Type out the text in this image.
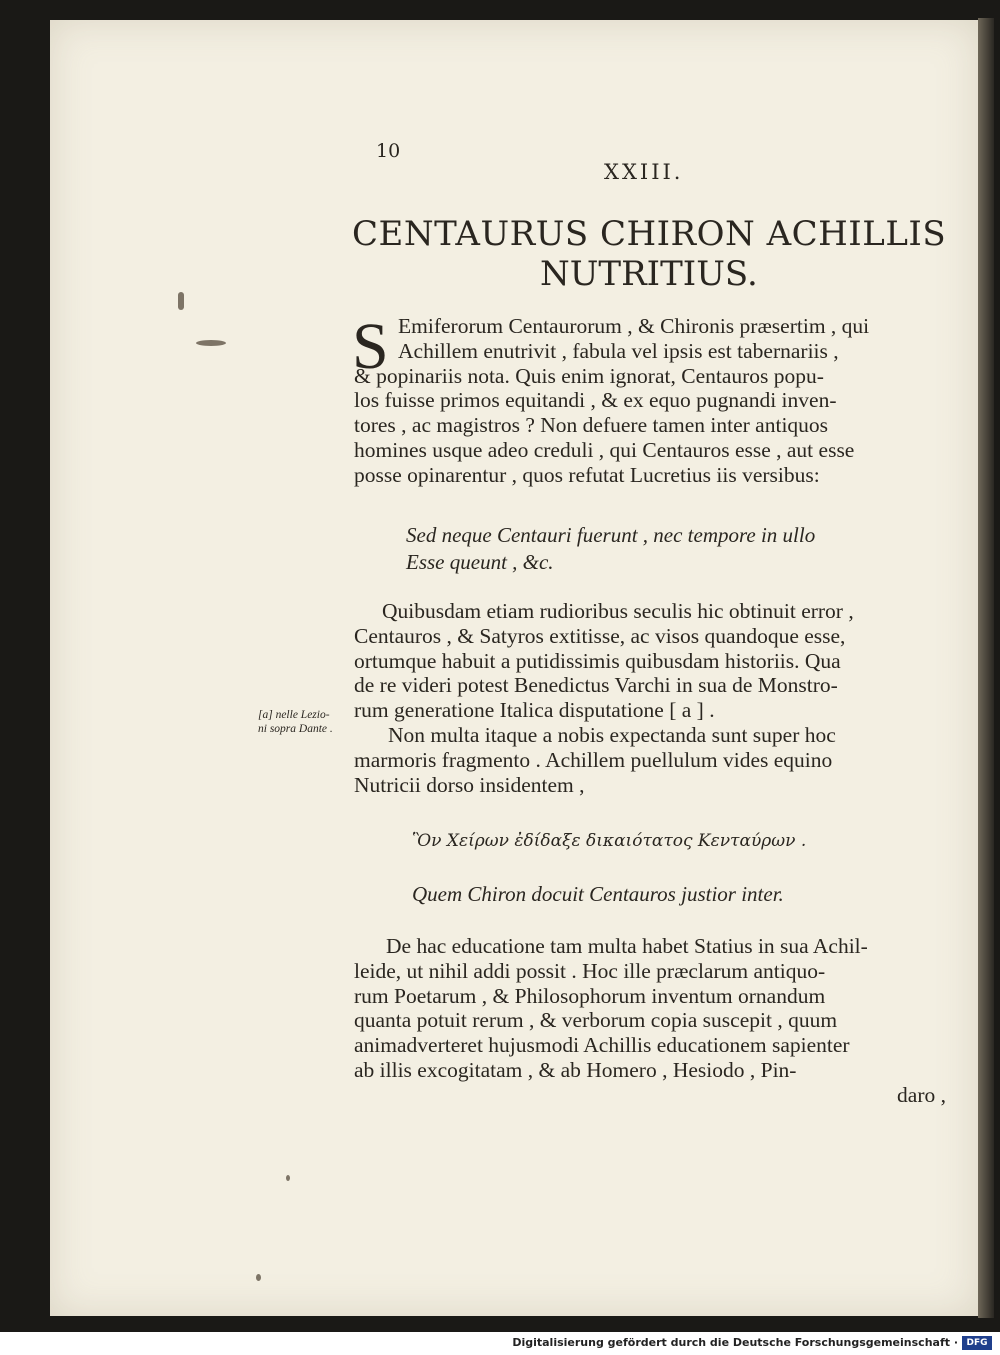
10
XXIII.
CENTAURUS CHIRON ACHILLIS
NUTRITIUS.
S Emiferorum Centaurorum , & Chironis præsertim , qui
Achillem enutrivit , fabula vel ipsis est tabernariis ,
& popinariis nota. Quis enim ignorat, Centauros popu-
los fuisse primos equitandi , & ex equo pugnandi inven-
tores , ac magistros ? Non defuere tamen inter antiquos
homines usque adeo creduli , qui Centauros esse , aut esse
posse opinarentur , quos refutat Lucretius iis versibus:
Sed neque Centauri fuerunt , nec tempore in ullo
Esse queunt , &c.
Quibusdam etiam rudioribus seculis hic obtinuit error ,
Centauros , & Satyros extitisse, ac visos quandoque esse,
ortumque habuit a putidissimis quibusdam historiis. Qua
de re videri potest Benedictus Varchi in sua de Monstro-
rum generatione Italica disputatione [ a ] .
Non multa itaque a nobis expectanda sunt super hoc
marmoris fragmento . Achillem puellulum vides equino
Nutricii dorso insidentem ,
[a] nelle Lezio-
ni sopra Dante .
Ὃν Χείρων ἐδίδαξε δικαιότατος Κενταύρων .
Quem Chiron docuit Centauros justior inter.
De hac educatione tam multa habet Statius in sua Achil-
leide, ut nihil addi possit . Hoc ille præclarum antiquo-
rum Poetarum , & Philosophorum inventum ornandum
quanta potuit rerum , & verborum copia suscepit , quum
animadverteret hujusmodi Achillis educationem sapienter
ab illis excogitatam , & ab Homero , Hesiodo , Pin-
daro ,
Digitalisierung gefördert durch die Deutsche Forschungsgemeinschaft · DFG
